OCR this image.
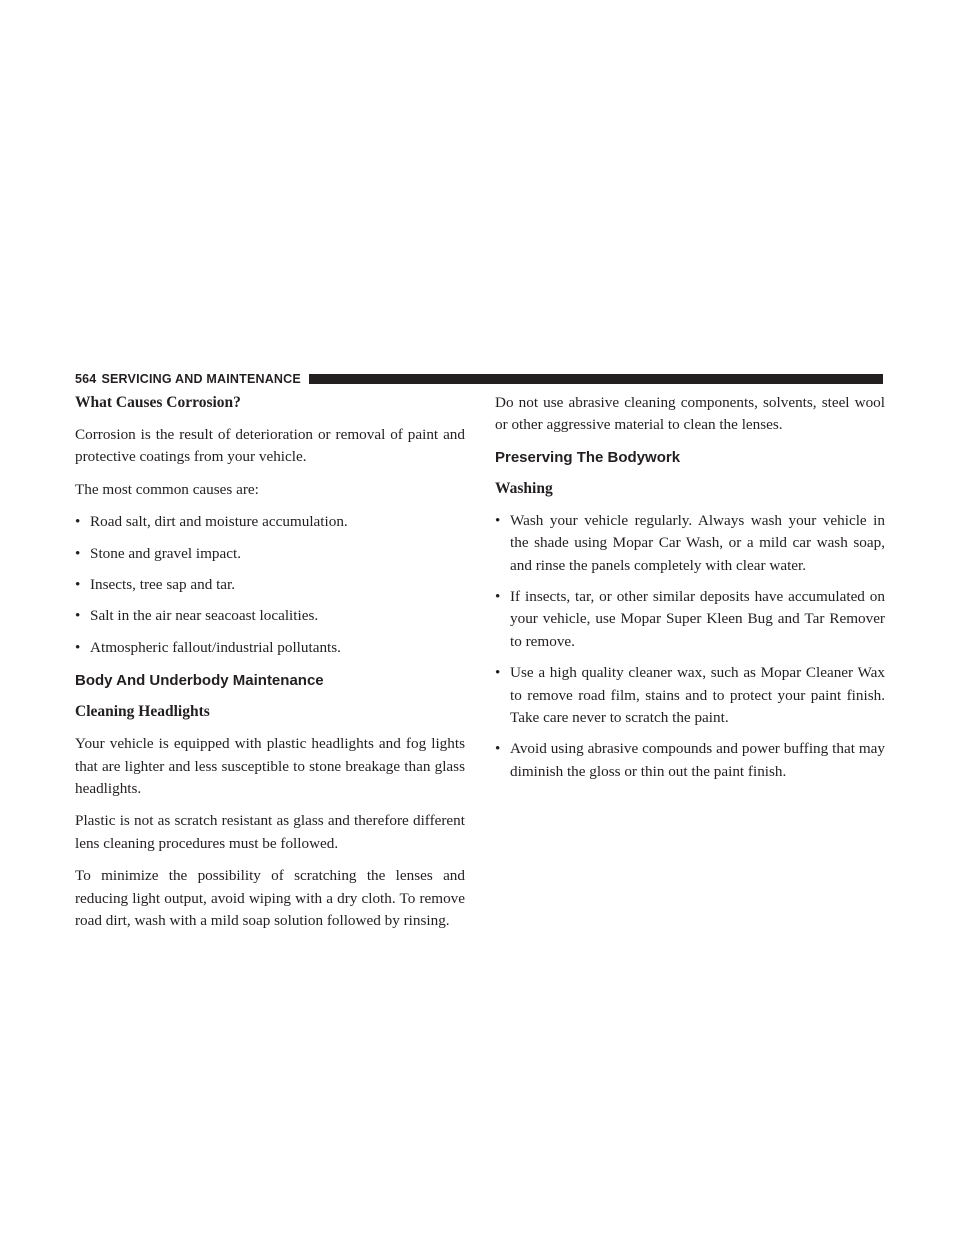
564 SERVICING AND MAINTENANCE
What Causes Corrosion?

Corrosion is the result of deterioration or removal of paint and protective coatings from your vehicle.

The most common causes are:

• Road salt, dirt and moisture accumulation.
• Stone and gravel impact.
• Insects, tree sap and tar.
• Salt in the air near seacoast localities.
• Atmospheric fallout/industrial pollutants.
Body And Underbody Maintenance
Cleaning Headlights

Your vehicle is equipped with plastic headlights and fog lights that are lighter and less susceptible to stone breakage than glass headlights.

Plastic is not as scratch resistant as glass and therefore different lens cleaning procedures must be followed.

To minimize the possibility of scratching the lenses and reducing light output, avoid wiping with a dry cloth. To remove road dirt, wash with a mild soap solution followed by rinsing.

Do not use abrasive cleaning components, solvents, steel wool or other aggressive material to clean the lenses.

Preserving The Bodywork
Washing
• Wash your vehicle regularly. Always wash your vehicle in the shade using Mopar Car Wash, or a mild car wash soap, and rinse the panels completely with clear water.
• If insects, tar, or other similar deposits have accumulated on your vehicle, use Mopar Super Kleen Bug and Tar Remover to remove.
• Use a high quality cleaner wax, such as Mopar Cleaner Wax to remove road film, stains and to protect your paint finish. Take care never to scratch the paint.
• Avoid using abrasive compounds and power buffing that may diminish the gloss or thin out the paint finish.
